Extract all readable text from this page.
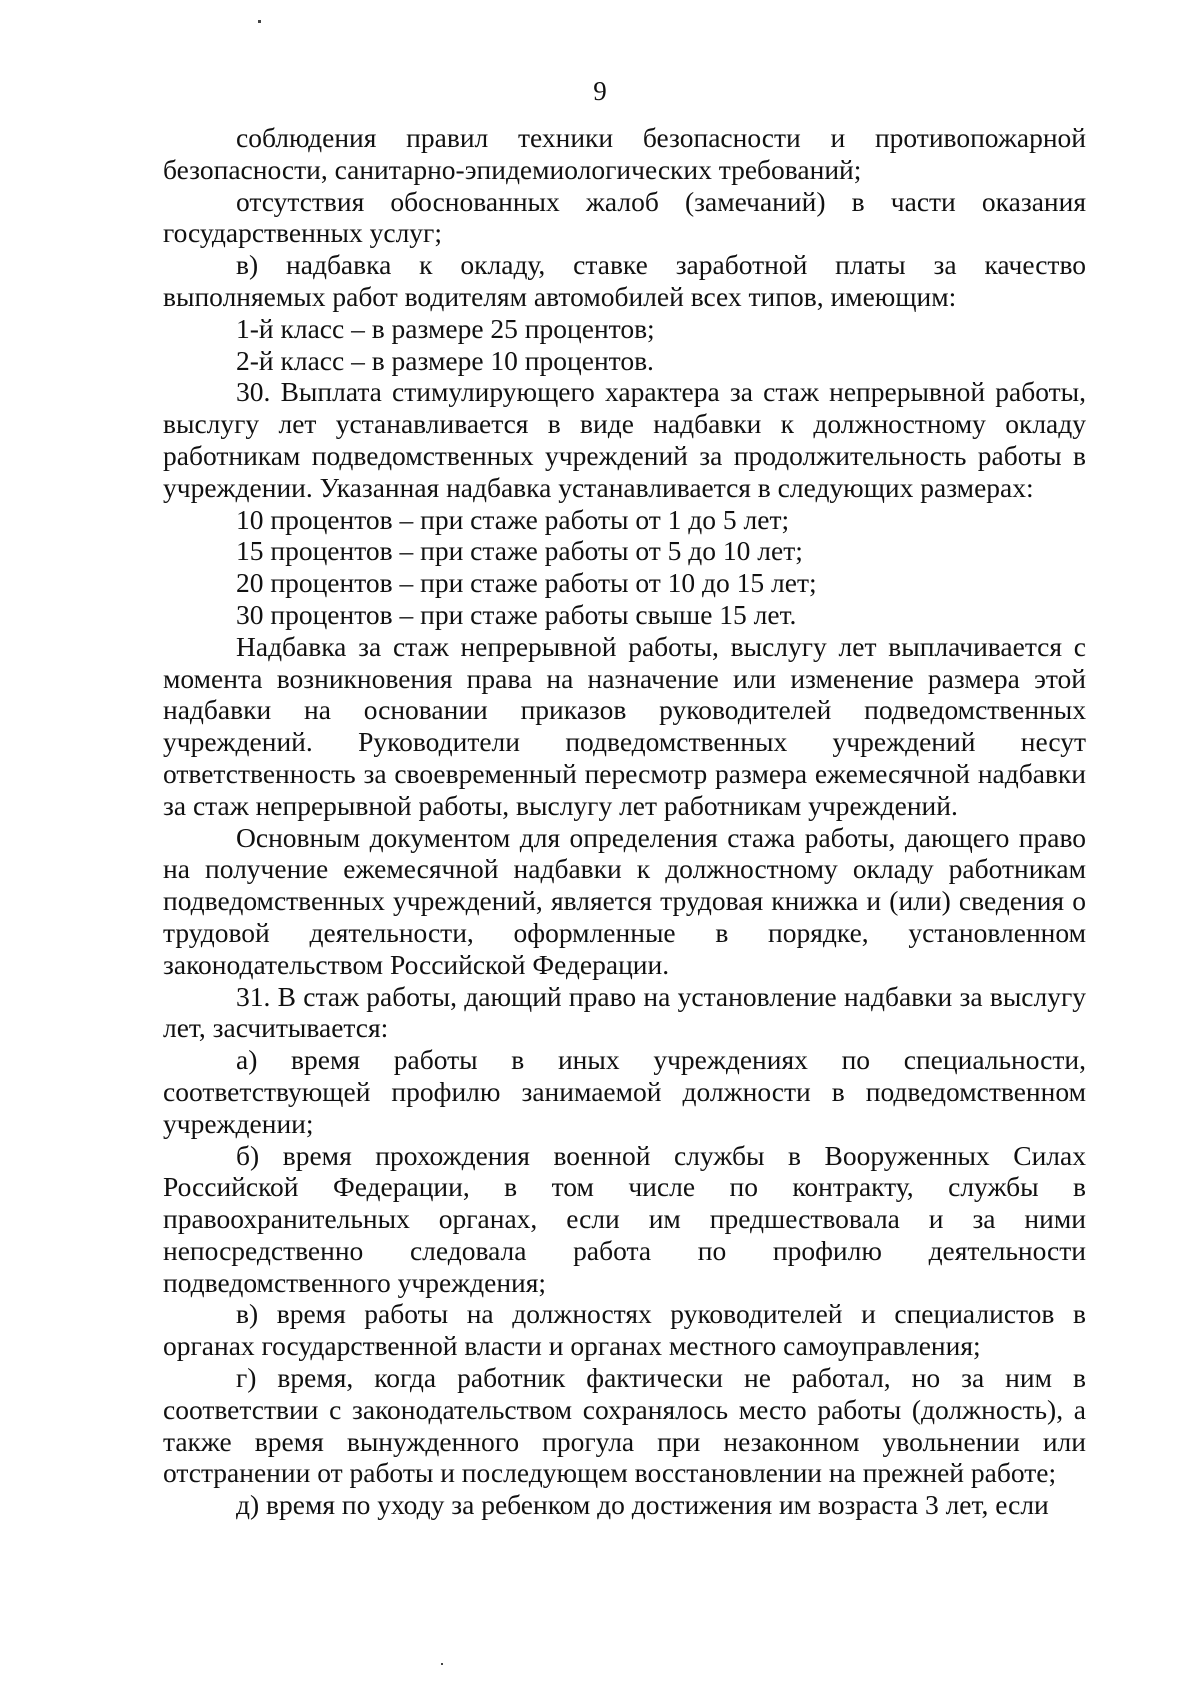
9

соблюдения правил техники безопасности и противопожарной безопасности, санитарно-эпидемиологических требований;

отсутствия обоснованных жалоб (замечаний) в части оказания государственных услуг;

в) надбавка к окладу, ставке заработной платы за качество выполняемых работ водителям автомобилей всех типов, имеющим:

1-й класс – в размере 25 процентов;

2-й класс – в размере 10 процентов.

30. Выплата стимулирующего характера за стаж непрерывной работы, выслугу лет устанавливается в виде надбавки к должностному окладу работникам подведомственных учреждений за продолжительность работы в учреждении. Указанная надбавка устанавливается в следующих размерах:

10 процентов – при стаже работы от 1 до 5 лет;

15 процентов – при стаже работы от 5 до 10 лет;

20 процентов – при стаже работы от 10 до 15 лет;

30 процентов – при стаже работы свыше 15 лет.

Надбавка за стаж непрерывной работы, выслугу лет выплачивается с момента возникновения права на назначение или изменение размера этой надбавки на основании приказов руководителей подведомственных учреждений. Руководители подведомственных учреждений несут ответственность за своевременный пересмотр размера ежемесячной надбавки за стаж непрерывной работы, выслугу лет работникам учреждений.

Основным документом для определения стажа работы, дающего право на получение ежемесячной надбавки к должностному окладу работникам подведомственных учреждений, является трудовая книжка и (или) сведения о трудовой деятельности, оформленные в порядке, установленном законодательством Российской Федерации.

31. В стаж работы, дающий право на установление надбавки за выслугу лет, засчитывается:

а) время работы в иных учреждениях по специальности, соответствующей профилю занимаемой должности в подведомственном учреждении;

б) время прохождения военной службы в Вооруженных Силах Российской Федерации, в том числе по контракту, службы в правоохранительных органах, если им предшествовала и за ними непосредственно следовала работа по профилю деятельности подведомственного учреждения;

в) время работы на должностях руководителей и специалистов в органах государственной власти и органах местного самоуправления;

г) время, когда работник фактически не работал, но за ним в соответствии с законодательством сохранялось место работы (должность), а также время вынужденного прогула при незаконном увольнении или отстранении от работы и последующем восстановлении на прежней работе;

д) время по уходу за ребенком до достижения им возраста 3 лет, если
